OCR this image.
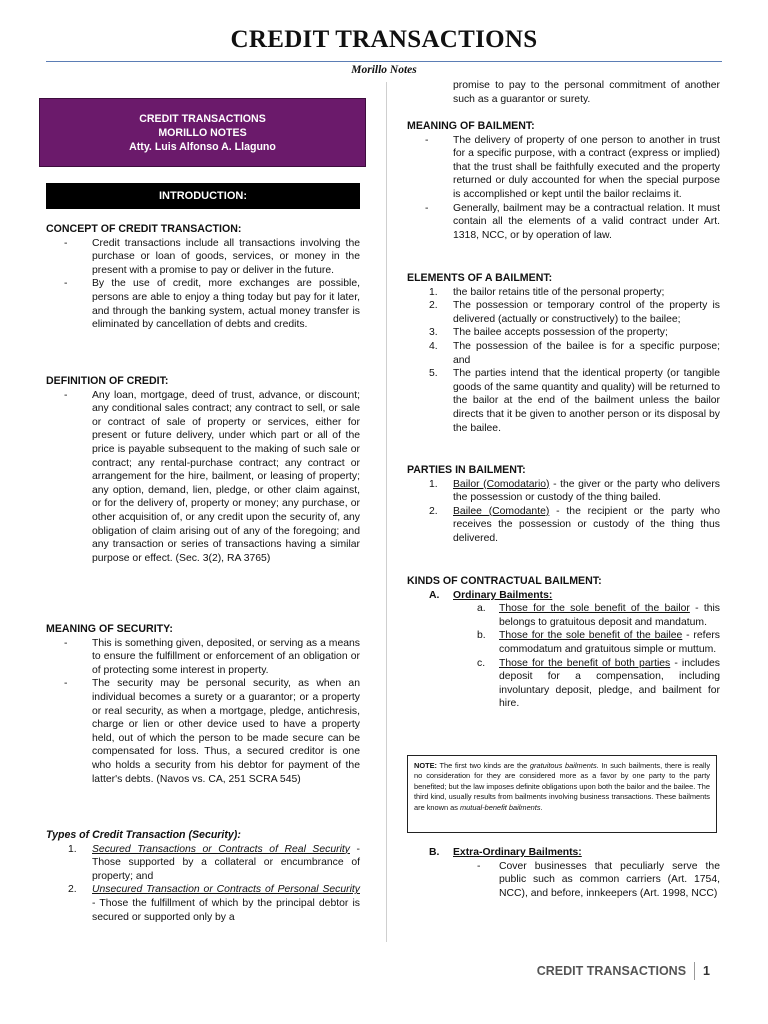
CREDIT TRANSACTIONS
Morillo Notes
CREDIT TRANSACTIONS
MORILLO NOTES
Atty. Luis Alfonso A. Llaguno
INTRODUCTION:

CONCEPT OF CREDIT TRANSACTION:

- Credit transactions include all transactions involving the purchase or loan of goods, services, or money in the present with a promise to pay or deliver in the future.
- By the use of credit, more exchanges are possible, persons are able to enjoy a thing today but pay for it later, and through the banking system, actual money transfer is eliminated by cancellation of debts and credits.

DEFINITION OF CREDIT:

- Any loan, mortgage, deed of trust, advance, or discount; any conditional sales contract; any contract to sell, or sale or contract of sale of property or services, either for present or future delivery, under which part or all of the price is payable subsequent to the making of such sale or contract; any rental-purchase contract; any contract or arrangement for the hire, bailment, or leasing of property; any option, demand, lien, pledge, or other claim against, or for the delivery of, property or money; any purchase, or other acquisition of, or any credit upon the security of, any obligation of claim arising out of any of the foregoing; and any transaction or series of transactions having a similar purpose or effect. (Sec. 3(2), RA 3765)

MEANING OF SECURITY:

- This is something given, deposited, or serving as a means to ensure the fulfillment or enforcement of an obligation or of protecting some interest in property.
- The security may be personal security, as when an individual becomes a surety or a guarantor; or a property or real security, as when a mortgage, pledge, antichresis, charge or lien or other device used to have a property held, out of which the person to be made secure can be compensated for loss. Thus, a secured creditor is one who holds a security from his debtor for payment of the latter's debts. (Navos vs. CA, 251 SCRA 545)

Types of Credit Transaction (Security):

1. Secured Transactions or Contracts of Real Security - Those supported by a collateral or encumbrance of property; and
2. Unsecured Transaction or Contracts of Personal Security - Those the fulfillment of which by the principal debtor is secured or supported only by a
promise to pay to the personal commitment of another such as a guarantor or surety.

MEANING OF BAILMENT:

- The delivery of property of one person to another in trust for a specific purpose, with a contract (express or implied) that the trust shall be faithfully executed and the property returned or duly accounted for when the special purpose is accomplished or kept until the bailor reclaims it.
- Generally, bailment may be a contractual relation. It must contain all the elements of a valid contract under Art. 1318, NCC, or by operation of law.

ELEMENTS OF A BAILMENT:

1. the bailor retains title of the personal property;
2. The possession or temporary control of the property is delivered (actually or constructively) to the bailee;
3. The bailee accepts possession of the property;
4. The possession of the bailee is for a specific purpose; and
5. The parties intend that the identical property (or tangible goods of the same quantity and quality) will be returned to the bailor at the end of the bailment unless the bailor directs that it be given to another person or its disposal by the bailee.

PARTIES IN BAILMENT:

1. Bailor (Comodatario) - the giver or the party who delivers the possession or custody of the thing bailed.
2. Bailee (Comodante) - the recipient or the party who receives the possession or custody of the thing thus delivered.

KINDS OF CONTRACTUAL BAILMENT:

A. Ordinary Bailments:
a. Those for the sole benefit of the bailor - this belongs to gratuitous deposit and mandatum.
b. Those for the sole benefit of the bailee - refers commodatum and gratuitous simple or muttum.
c. Those for the benefit of both parties - includes deposit for a compensation, including involuntary deposit, pledge, and bailment for hire.
B. Extra-Ordinary Bailments:
- Cover businesses that peculiarly serve the public such as common carriers (Art. 1754, NCC), and before, innkeepers (Art. 1998, NCC)
NOTE: The first two kinds are the gratuitous bailments. In such bailments, there is really no consideration for they are considered more as a favor by one party to the party benefited; but the law imposes definite obligations upon both the bailor and the bailee. The third kind, usually results from bailments involving business transactions. These bailments are known as mutual-benefit bailments.
CREDIT TRANSACTIONS 1
